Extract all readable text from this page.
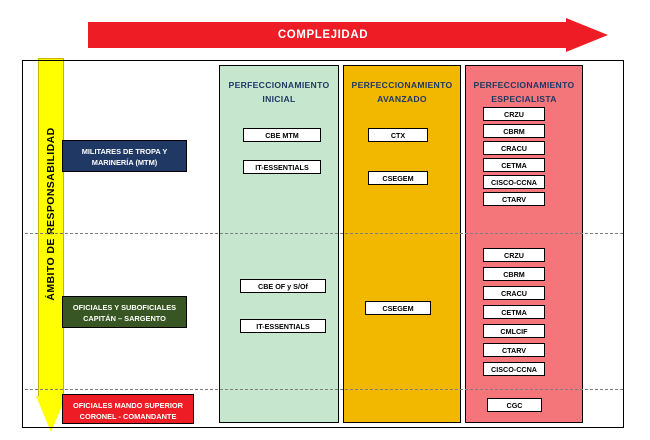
COMPLEJIDAD
ÁMBITO DE RESPONSABILIDAD
PERFECCIONAMIENTO
INICIAL
PERFECCIONAMIENTO
AVANZADO
PERFECCIONAMIENTO
ESPECIALISTA
MILITARES DE TROPA Y
MARINERÍA (MTM)
OFICIALES Y SUBOFICIALES
CAPITÁN – SARGENTO
OFICIALES MANDO SUPERIOR
CORONEL - COMANDANTE
CBE MTM
IT-ESSENTIALS
CTX
CSEGEM
CRZU
CBRM
CRACU
CETMA
CISCO-CCNA
CTARV
CBE OF y S/Of
IT-ESSENTIALS
CSEGEM
CRZU
CBRM
CRACU
CETMA
CMLCIF
CTARV
CISCO-CCNA
CGC
